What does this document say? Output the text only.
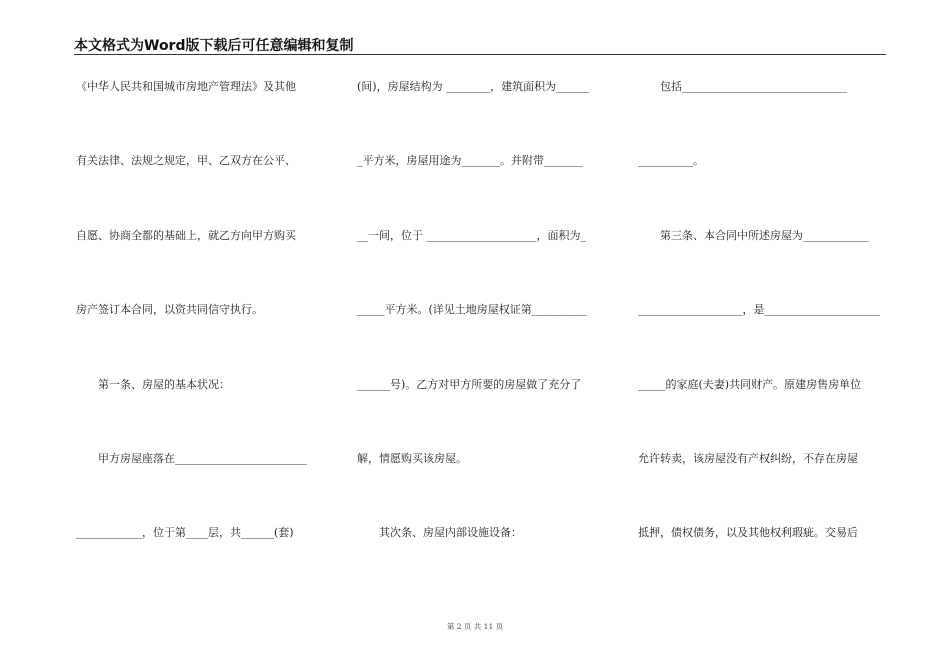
本文格式为Word版下载后可任意编辑和复制
《中华人民共和国城市房地产管理法》及其他
有关法律、法规之规定，甲、乙双方在公平、
自愿、协商全都的基础上，就乙方向甲方购买
房产签订本合同，以资共同信守执行。
　　第一条、房屋的基本状况：
　　甲方房屋座落在________________________
____________，位于第____层，共______(套)
(间)，房屋结构为 ________，建筑面积为______
_平方米，房屋用途为_______。并附带_______
__一间，位于 ____________________，面积为_
_____平方米。(详见土地房屋权证第__________
______号)。乙方对甲方所要的房屋做了充分了
解，情愿购买该房屋。
　　其次条、房屋内部设施设备：
　　包括______________________________
__________。
　　第三条、本合同中所述房屋为____________
___________________，是_____________________
_____的家庭(夫妻)共同财产。原建房售房单位
允许转卖，该房屋没有产权纠纷，不存在房屋
抵押，债权债务，以及其他权利瑕疵。交易后
第 2 页 共 11 页
